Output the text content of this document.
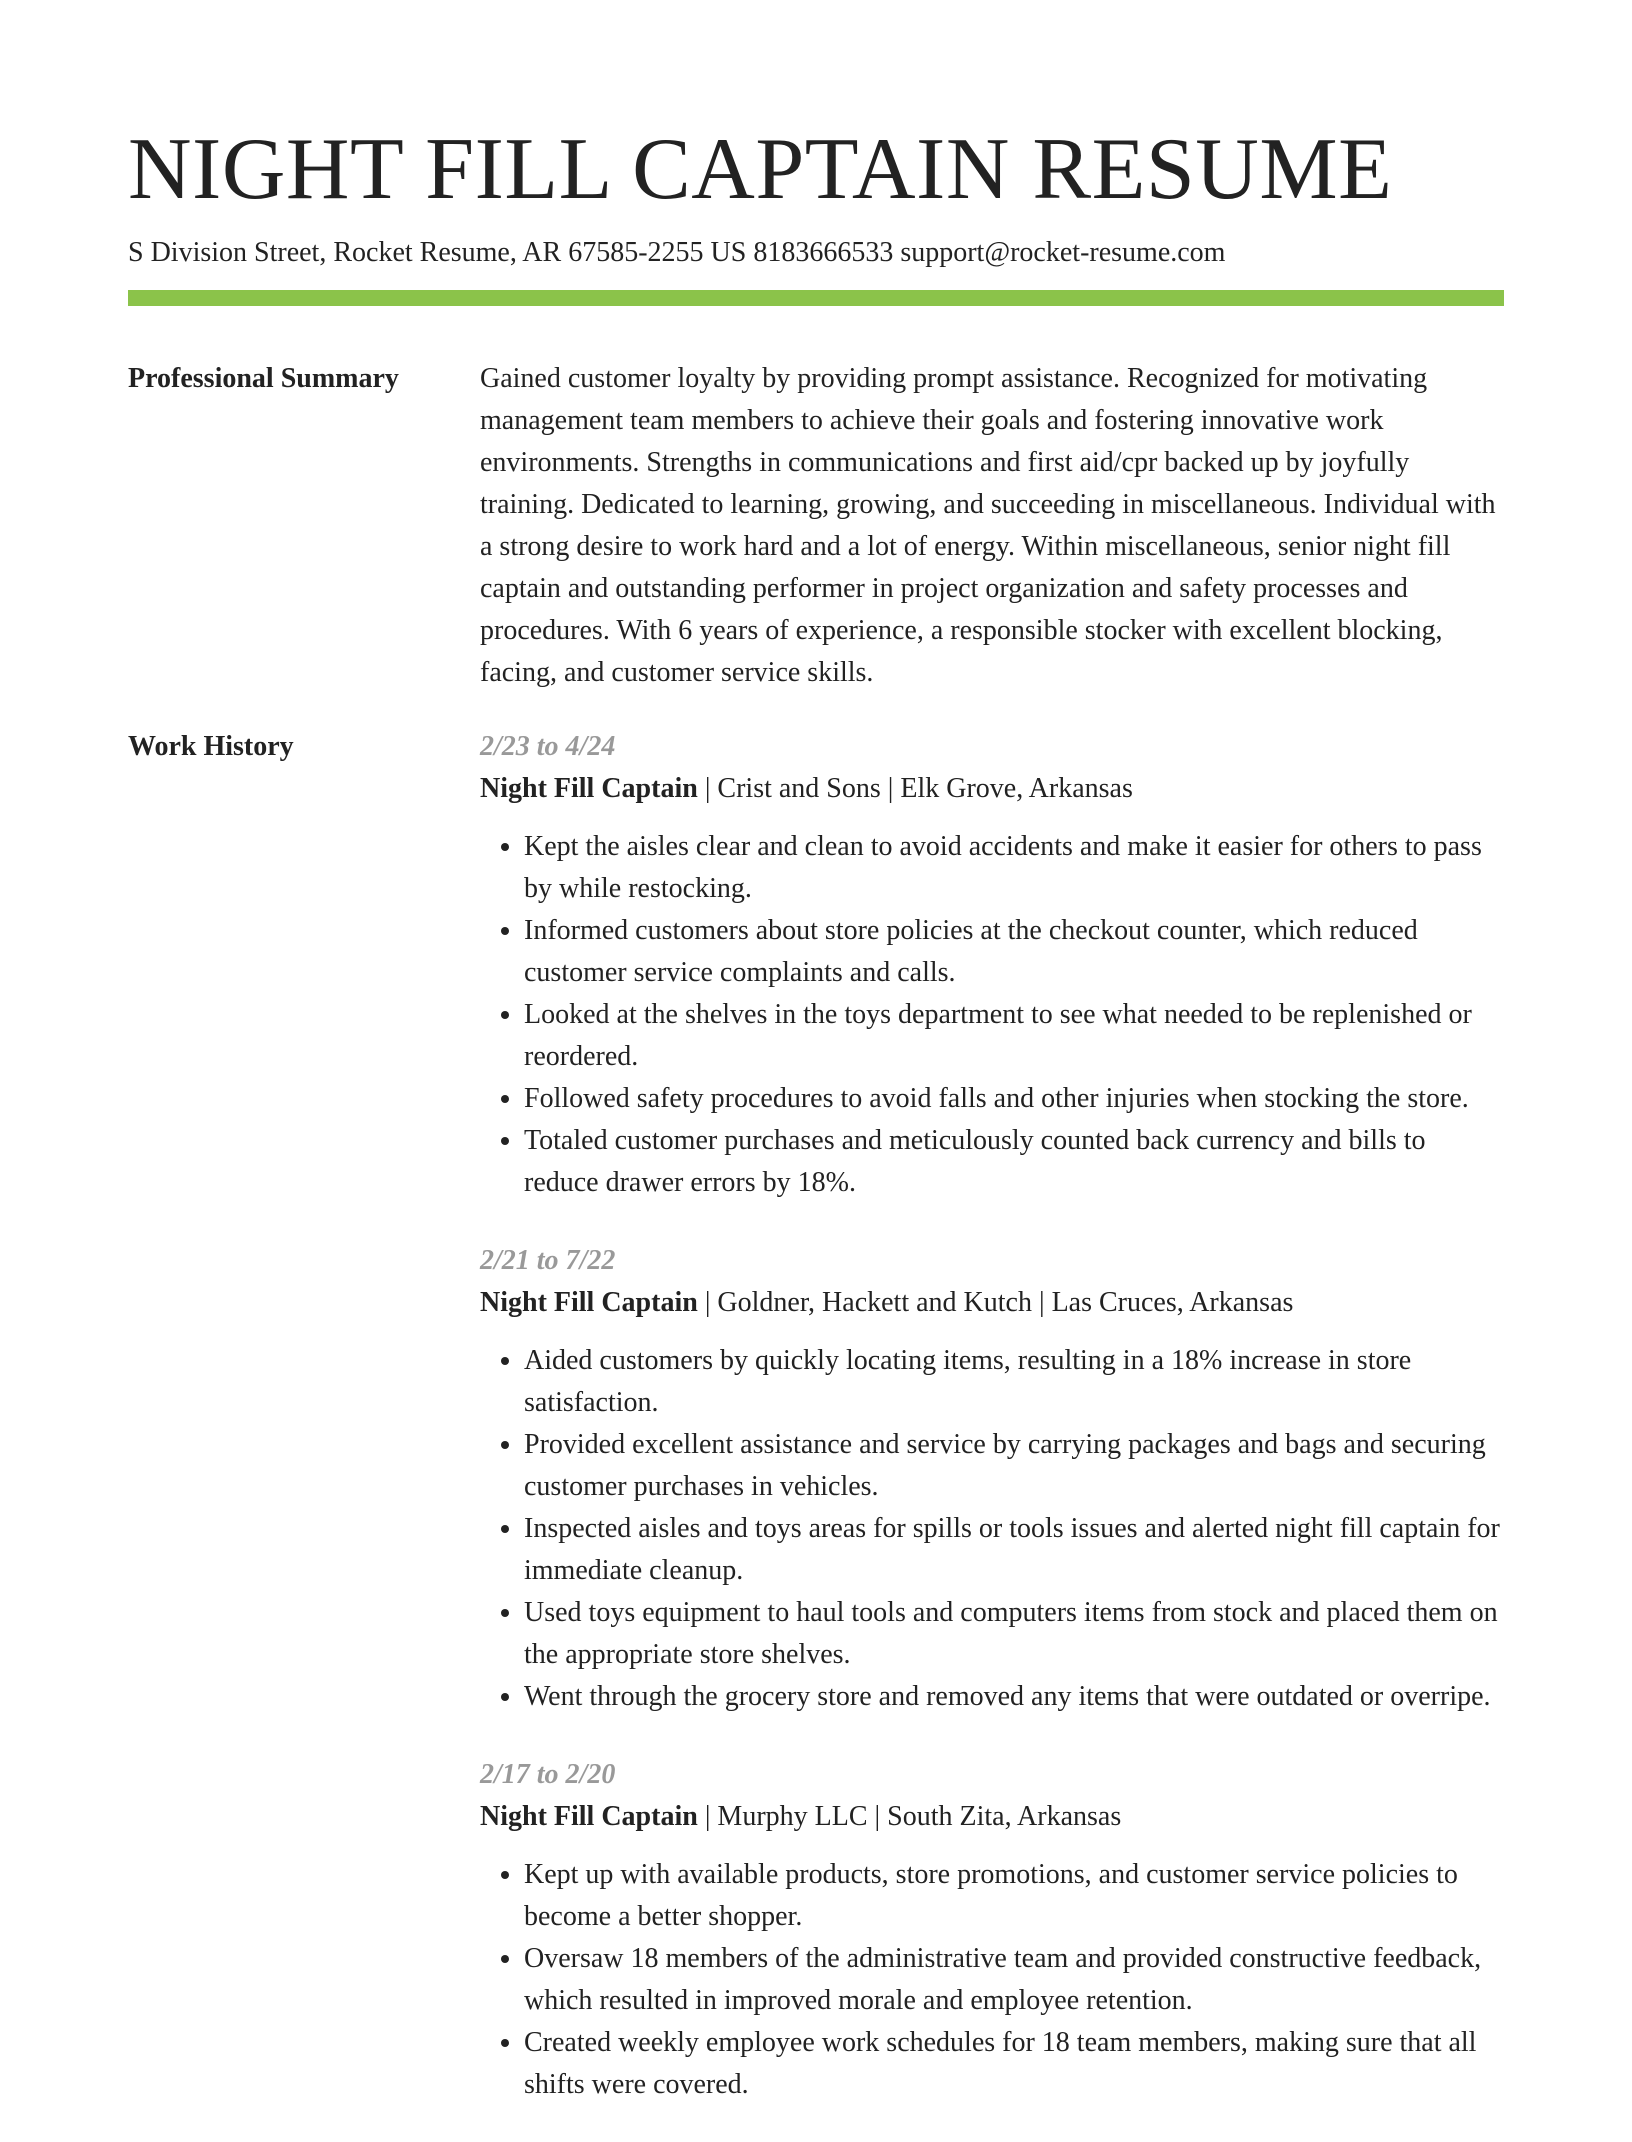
NIGHT FILL CAPTAIN RESUME
S Division Street, Rocket Resume, AR 67585-2255 US 8183666533 support@rocket-resume.com
Professional Summary	Gained customer loyalty by providing prompt assistance. Recognized for motivating management team members to achieve their goals and fostering innovative work environments. Strengths in communications and first aid/cpr backed up by joyfully training. Dedicated to learning, growing, and succeeding in miscellaneous. Individual with a strong desire to work hard and a lot of energy. Within miscellaneous, senior night fill captain and outstanding performer in project organization and safety processes and procedures. With 6 years of experience, a responsible stocker with excellent blocking, facing, and customer service skills.

Work History	2/23 to 4/24
Night Fill Captain | Crist and Sons | Elk Grove, Arkansas
• Kept the aisles clear and clean to avoid accidents and make it easier for others to pass by while restocking.
• Informed customers about store policies at the checkout counter, which reduced customer service complaints and calls.
• Looked at the shelves in the toys department to see what needed to be replenished or reordered.
• Followed safety procedures to avoid falls and other injuries when stocking the store.
• Totaled customer purchases and meticulously counted back currency and bills to reduce drawer errors by 18%.
2/21 to 7/22
Night Fill Captain | Goldner, Hackett and Kutch | Las Cruces, Arkansas
• Aided customers by quickly locating items, resulting in a 18% increase in store satisfaction.
• Provided excellent assistance and service by carrying packages and bags and securing customer purchases in vehicles.
• Inspected aisles and toys areas for spills or tools issues and alerted night fill captain for immediate cleanup.
• Used toys equipment to haul tools and computers items from stock and placed them on the appropriate store shelves.
• Went through the grocery store and removed any items that were outdated or overripe.
2/17 to 2/20
Night Fill Captain | Murphy LLC | South Zita, Arkansas
• Kept up with available products, store promotions, and customer service policies to become a better shopper.
• Oversaw 18 members of the administrative team and provided constructive feedback, which resulted in improved morale and employee retention.
• Created weekly employee work schedules for 18 team members, making sure that all shifts were covered.
